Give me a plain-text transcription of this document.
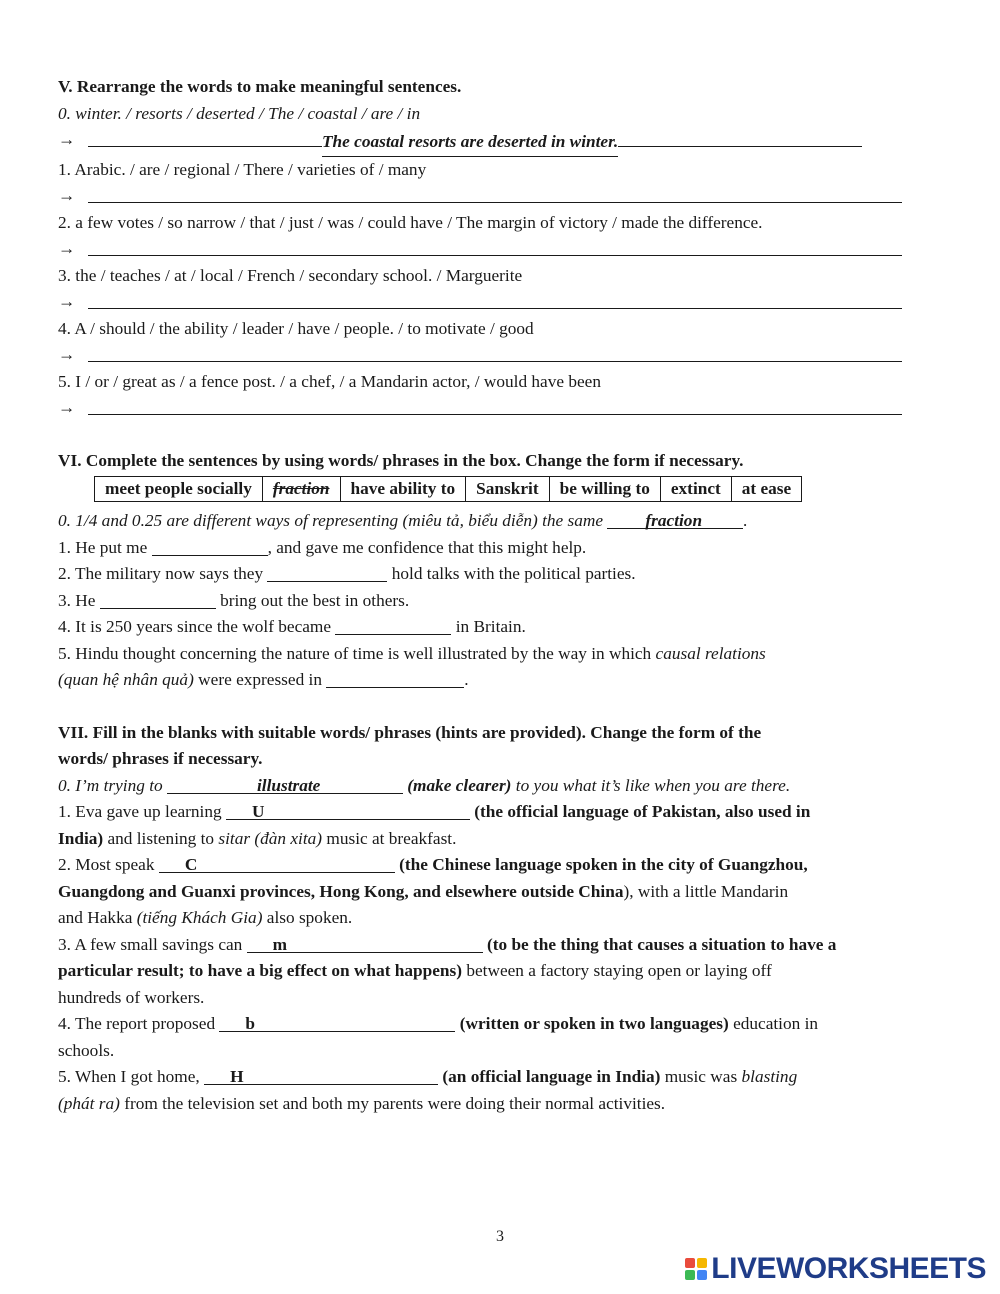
V. Rearrange the words to make meaningful sentences.
0. winter. / resorts / deserted / The / coastal / are / in
→	The coastal resorts are deserted in winter.
1. Arabic. / are / regional / There / varieties of / many
→
2. a few votes / so narrow / that / just / was / could have / The margin of victory / made the difference.
→
3. the / teaches / at / local / French / secondary school. / Marguerite
→
4. A / should / the ability / leader / have / people. / to motivate / good
→
5. I / or / great as / a fence post. / a chef, / a Mandarin actor, / would have been
→
VI. Complete the sentences by using words/ phrases in the box. Change the form if necessary.
meet people socially	fraction	have ability to	Sanskrit	be willing to	extinct	at ease
0. 1/4 and 0.25 are different ways of representing (miêu tả, biểu diễn) the same fraction .
1. He put me	, and gave me confidence that this might help.
2. The military now says they	hold talks with the political parties.
3. He	bring out the best in others.
4. It is 250 years since the wolf became	in Britain.
5. Hindu thought concerning the nature of time is well illustrated by the way in which causal relations
(quan hệ nhân quả) were expressed in	.
VII. Fill in the blanks with suitable words/ phrases (hints are provided). Change the form of the
words/ phrases if necessary.
0. I’m trying to	illustrate	(make clearer) to you what it’s like when you are there.
1. Eva gave up learning	U	(the official language of Pakistan, also used in
India) and listening to sitar (đàn xita) music at breakfast.
2. Most speak	C	(the Chinese language spoken in the city of Guangzhou,
Guangdong and Guanxi provinces, Hong Kong, and elsewhere outside China), with a little Mandarin
and Hakka (tiếng Khách Gia) also spoken.
3. A few small savings can	m	(to be the thing that causes a situation to have a
particular result; to have a big effect on what happens) between a factory staying open or laying off
hundreds of workers.
4. The report proposed	b	(written or spoken in two languages) education in
schools.
5. When I got home,	H	(an official language in India) music was blasting
(phát ra) from the television set and both my parents were doing their normal activities.
3
LIVEWORKSHEETS
